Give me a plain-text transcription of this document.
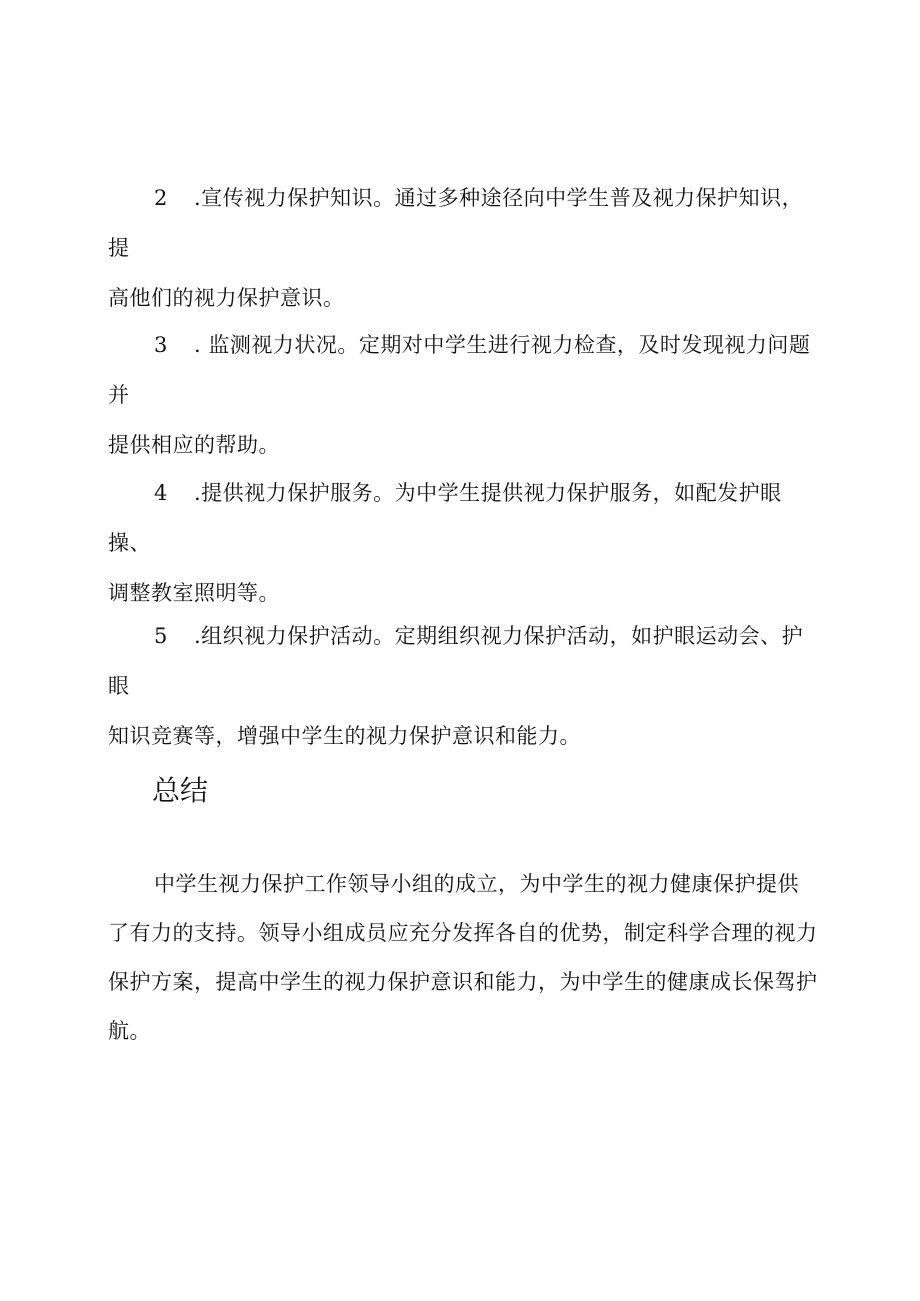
2 .宣传视力保护知识。通过多种途径向中学生普及视力保护知识，提
高他们的视力保护意识。
3 . 监测视力状况。定期对中学生进行视力检查，及时发现视力问题并
提供相应的帮助。
4 .提供视力保护服务。为中学生提供视力保护服务，如配发护眼操、
调整教室照明等。
5 .组织视力保护活动。定期组织视力保护活动，如护眼运动会、护眼
知识竞赛等，增强中学生的视力保护意识和能力。
总结
中学生视力保护工作领导小组的成立，为中学生的视力健康保护提供
了有力的支持。领导小组成员应充分发挥各自的优势，制定科学合理的视力
保护方案，提高中学生的视力保护意识和能力，为中学生的健康成长保驾护
航。
